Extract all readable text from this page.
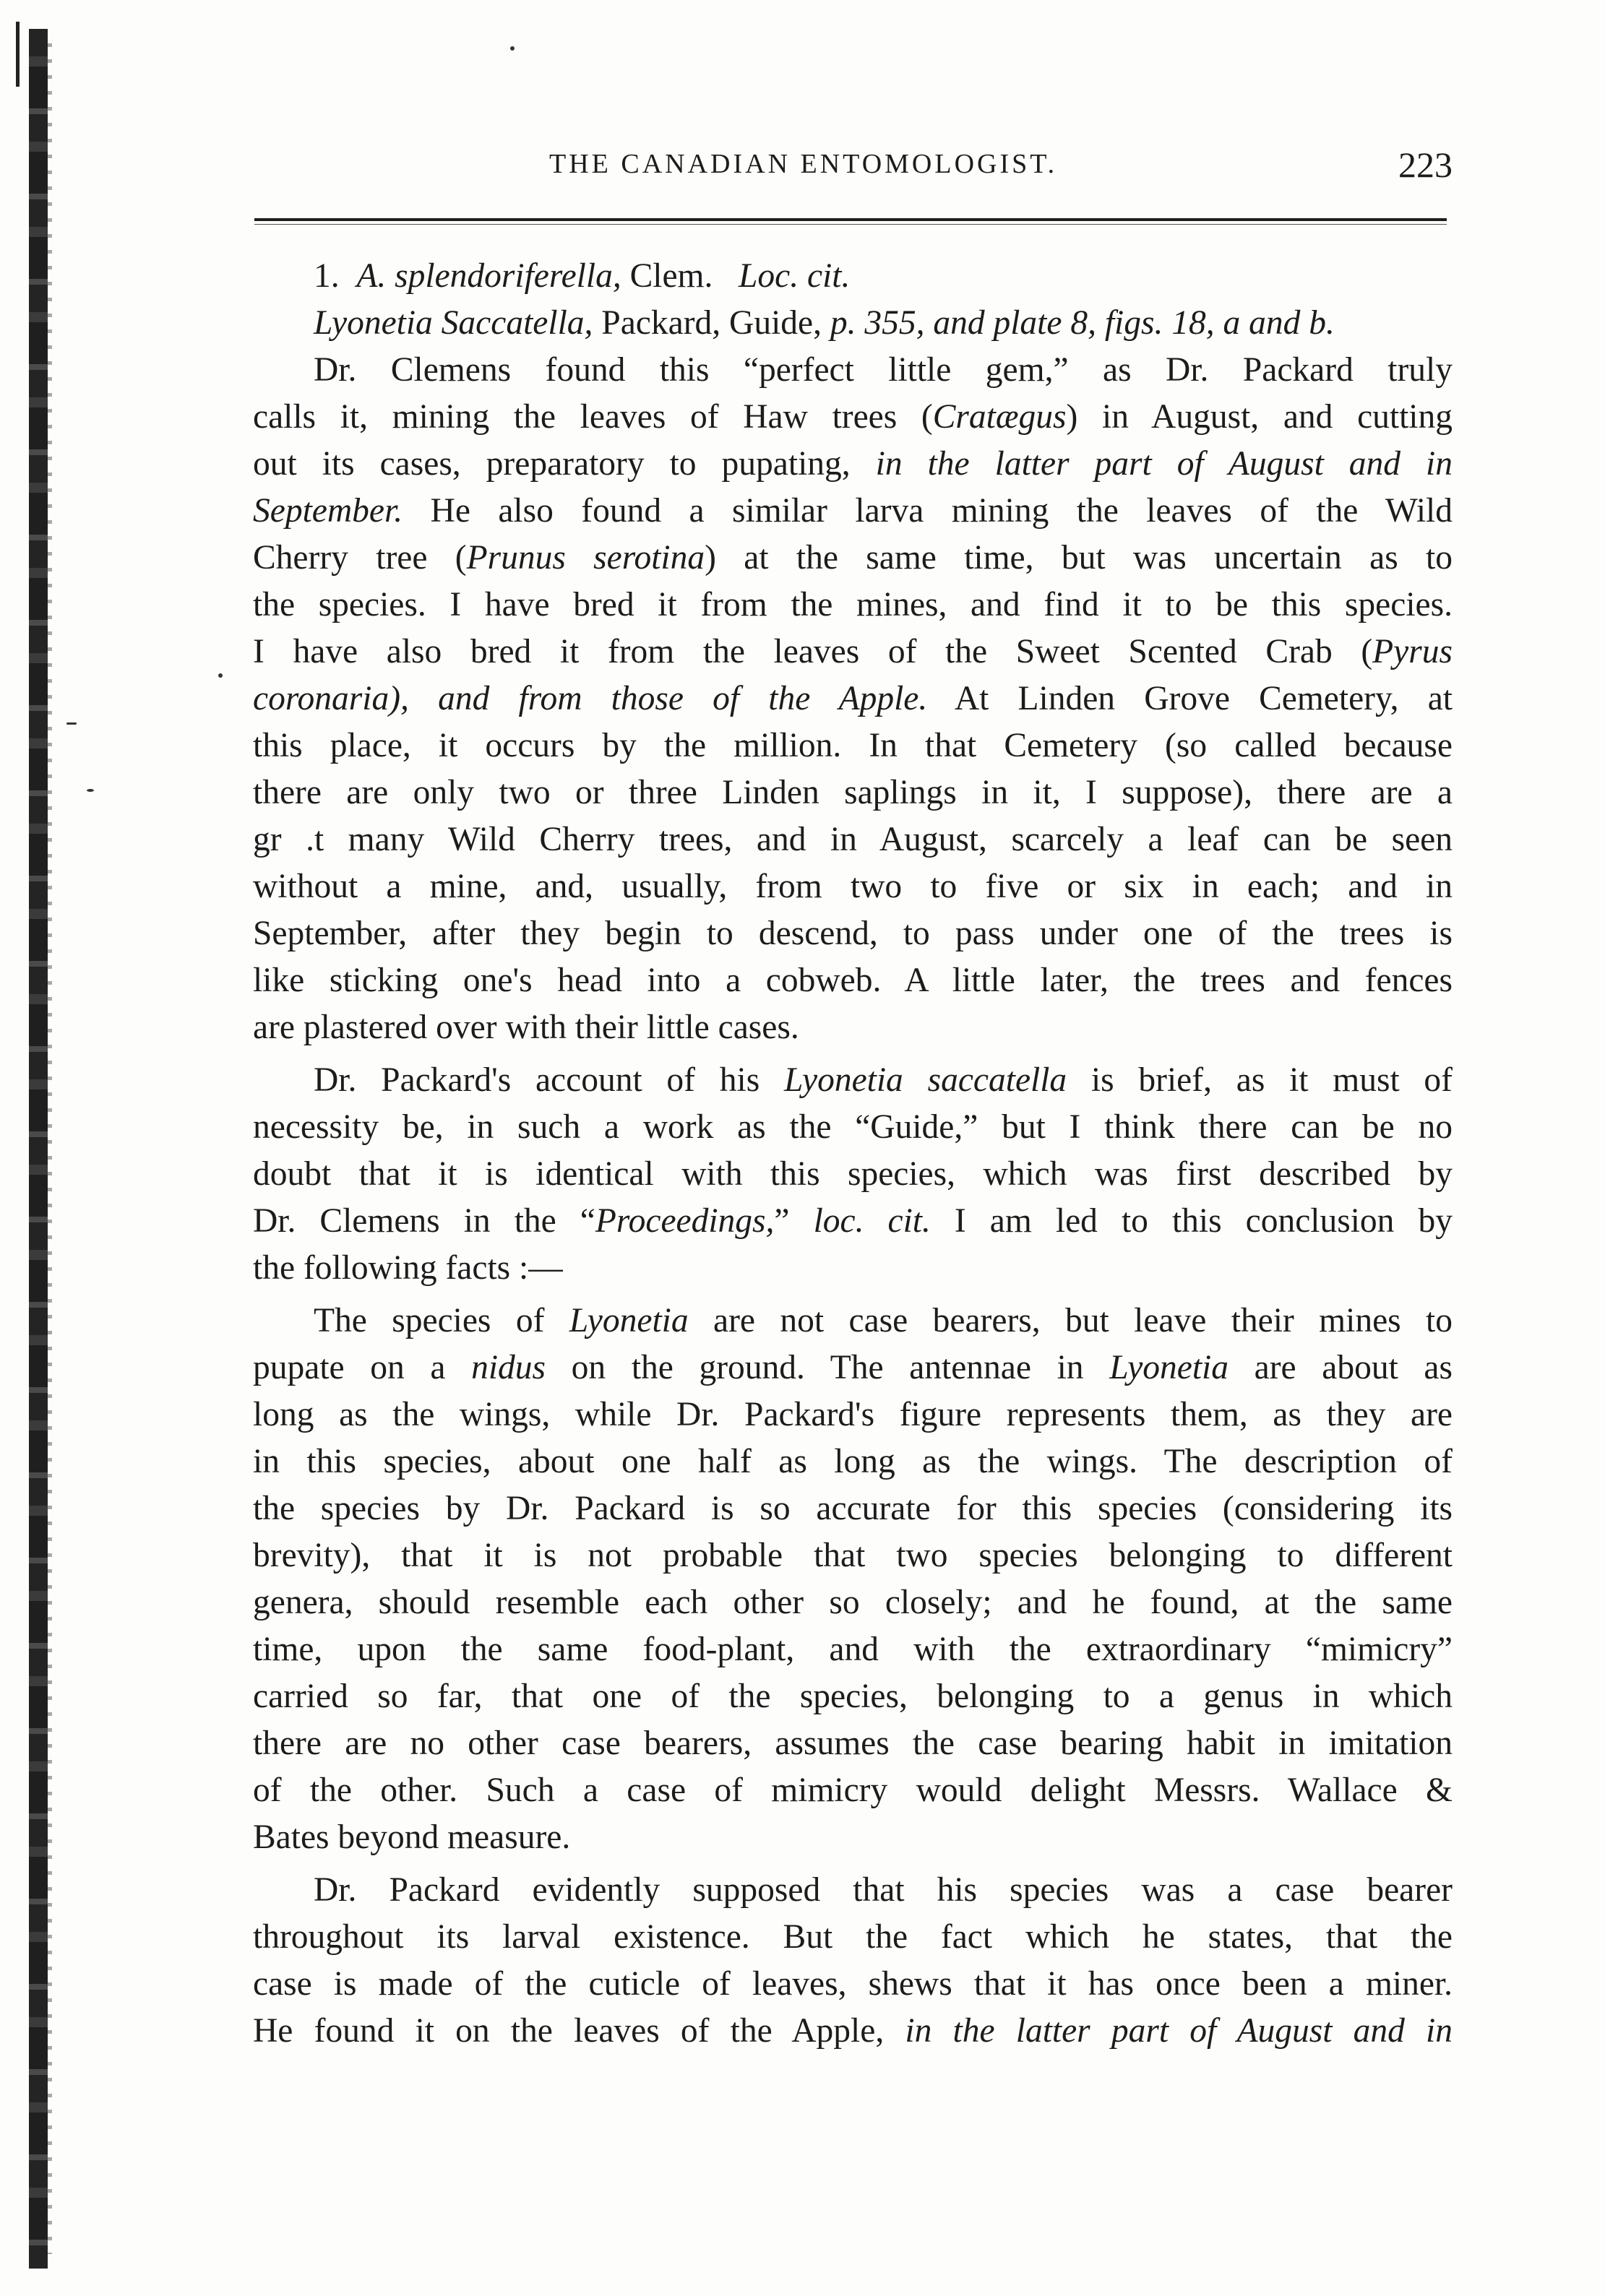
THE CANADIAN ENTOMOLOGIST.	223
1. A. splendoriferella, Clem. Loc. cit.
Lyonetia Saccatella, Packard, Guide, p. 355, and plate 8, figs. 18, a and b.
Dr. Clemens found this “perfect little gem,” as Dr. Packard truly
calls it, mining the leaves of Haw trees (Cratægus) in August, and cutting
out its cases, preparatory to pupating, in the latter part of August and in
September. He also found a similar larva mining the leaves of the Wild
Cherry tree (Prunus serotina) at the same time, but was uncertain as to
the species. I have bred it from the mines, and find it to be this species.
I have also bred it from the leaves of the Sweet Scented Crab (Pyrus
coronaria), and from those of the Apple. At Linden Grove Cemetery, at
this place, it occurs by the million. In that Cemetery (so called because
there are only two or three Linden saplings in it, I suppose), there are a
gr .t many Wild Cherry trees, and in August, scarcely a leaf can be seen
without a mine, and, usually, from two to five or six in each; and in
September, after they begin to descend, to pass under one of the trees is
like sticking one's head into a cobweb. A little later, the trees and fences
are plastered over with their little cases.
Dr. Packard's account of his Lyonetia saccatella is brief, as it must of
necessity be, in such a work as the “Guide,” but I think there can be no
doubt that it is identical with this species, which was first described by
Dr. Clemens in the “Proceedings,” loc. cit. I am led to this conclusion by
the following facts :—
The species of Lyonetia are not case bearers, but leave their mines to
pupate on a nidus on the ground. The antennae in Lyonetia are about as
long as the wings, while Dr. Packard's figure represents them, as they are
in this species, about one half as long as the wings. The description of
the species by Dr. Packard is so accurate for this species (considering its
brevity), that it is not probable that two species belonging to different
genera, should resemble each other so closely; and he found, at the same
time, upon the same food-plant, and with the extraordinary “mimicry”
carried so far, that one of the species, belonging to a genus in which
there are no other case bearers, assumes the case bearing habit in imitation
of the other. Such a case of mimicry would delight Messrs. Wallace &
Bates beyond measure.
Dr. Packard evidently supposed that his species was a case bearer
throughout its larval existence. But the fact which he states, that the
case is made of the cuticle of leaves, shews that it has once been a miner.
He found it on the leaves of the Apple, in the latter part of August and in
